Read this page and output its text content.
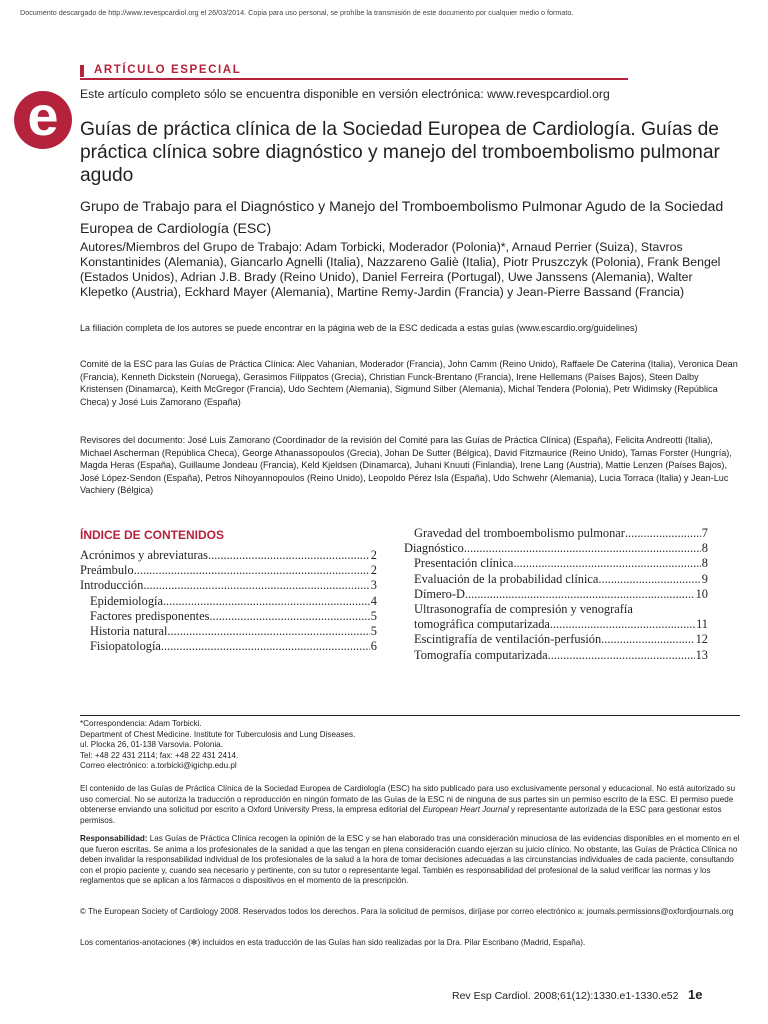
Documento descargado de http://www.revespcardiol.org el 26/03/2014. Copia para uso personal, se prohíbe la transmisión de este documento por cualquier medio o formato.
ARTÍCULO ESPECIAL
e	Este artículo completo sólo se encuentra disponible en versión electrónica: www.revespcardiol.org
Guías de práctica clínica de la Sociedad Europea de Cardiología. Guías de práctica clínica sobre diagnóstico y manejo del tromboembolismo pulmonar agudo
Grupo de Trabajo para el Diagnóstico y Manejo del Tromboembolismo Pulmonar Agudo de la Sociedad Europea de Cardiología (ESC)
Autores/Miembros del Grupo de Trabajo: Adam Torbicki, Moderador (Polonia)*, Arnaud Perrier (Suiza), Stavros Konstantinides (Alemania), Giancarlo Agnelli (Italia), Nazzareno Galiè (Italia), Piotr Pruszczyk (Polonia), Frank Bengel (Estados Unidos), Adrian J.B. Brady (Reino Unido), Daniel Ferreira (Portugal), Uwe Janssens (Alemania), Walter Klepetko (Austria), Eckhard Mayer (Alemania), Martine Remy-Jardin (Francia) y Jean-Pierre Bassand (Francia)
La filiación completa de los autores se puede encontrar en la página web de la ESC dedicada a estas guías (www.escardio.org/guidelines)
Comité de la ESC para las Guías de Práctica Clínica: Alec Vahanian, Moderador (Francia), John Camm (Reino Unido), Raffaele De Caterina (Italia), Veronica Dean (Francia), Kenneth Dickstein (Noruega), Gerasimos Filippatos (Grecia), Christian Funck-Brentano (Francia), Irene Hellemans (Países Bajos), Steen Dalby Kristensen (Dinamarca), Keith McGregor (Francia), Udo Sechtem (Alemania), Sigmund Silber (Alemania), Michal Tendera (Polonia), Petr Widimsky (República Checa) y José Luis Zamorano (España)
Revisores del documento: José Luis Zamorano (Coordinador de la revisión del Comité para las Guías de Práctica Clínica) (España), Felicita Andreotti (Italia), Michael Ascherman (República Checa), George Athanassopoulos (Grecia), Johan De Sutter (Bélgica), David Fitzmaurice (Reino Unido), Tamas Forster (Hungría), Magda Heras (España), Guillaume Jondeau (Francia), Keld Kjeldsen (Dinamarca), Juhani Knuuti (Finlandia), Irene Lang (Austria), Mattie Lenzen (Países Bajos), José López-Sendon (España), Petros Nihoyannopoulos (Reino Unido), Leopoldo Pérez Isla (España), Udo Schwehr (Alemania), Lucia Torraca (Italia) y Jean-Luc Vachiery (Bélgica)
ÍNDICE DE CONTENIDOS
Acrónimos y abreviaturas .....	2
Preámbulo .....	2
Introducción .....	3
Epidemiología .....	4
Factores predisponentes .....	5
Historia natural .....	5
Fisiopatología .....	6
Gravedad del tromboembolismo pulmonar .....	7
Diagnóstico .....	8
Presentación clínica .....	8
Evaluación de la probabilidad clínica .....	9
Dímero-D .....	10
Ultrasonografía de compresión y venografía
tomográfica computarizada .....	11
Escintigrafía de ventilación-perfusión .....	12
Tomografía computarizada .....	13
*Correspondencia: Adam Torbicki.
Department of Chest Medicine. Institute for Tuberculosis and Lung Diseases.
ul. Plocka 26, 01-138 Varsovia. Polonia.
Tel: +48 22 431 2114; fax: +48 22 431 2414.
Correo electrónico: a.torbicki@igichp.edu.pl
El contenido de las Guías de Práctica Clínica de la Sociedad Europea de Cardiología (ESC) ha sido publicado para uso exclusivamente personal y educacional. No está autorizado su uso comercial. No se autoriza la traducción o reproducción en ningún formato de las Guías de la ESC ni de ninguna de sus partes sin un permiso escrito de la ESC. El permiso puede obtenerse enviando una solicitud por escrito a Oxford University Press, la empresa editorial del European Heart Journal y representante autorizada de la ESC para gestionar estos permisos.
Responsabilidad: Las Guías de Práctica Clínica recogen la opinión de la ESC y se han elaborado tras una consideración minuciosa de las evidencias disponibles en el momento en el que fueron escritas. Se anima a los profesionales de la sanidad a que las tengan en plena consideración cuando ejerzan su juicio clínico. No obstante, las Guías de Práctica Clínica no deben invalidar la responsabilidad individual de los profesionales de la salud a la hora de tomar decisiones adecuadas a las circunstancias individuales de cada paciente, consultando con el propio paciente y, cuando sea necesario y pertinente, con su tutor o representante legal. También es responsabilidad del profesional de la salud verificar las normas y los reglamentos que se aplican a los fármacos o dispositivos en el momento de la prescripción.
© The European Society of Cardiology 2008. Reservados todos los derechos. Para la solicitud de permisos, diríjase por correo electrónico a: journals.permissions@oxfordjournals.org
Los comentarios-anotaciones (✻) incluidos en esta traducción de las Guías han sido realizadas por la Dra. Pilar Escribano (Madrid, España).
Rev Esp Cardiol. 2008;61(12):1330.e1-1330.e52 1e
